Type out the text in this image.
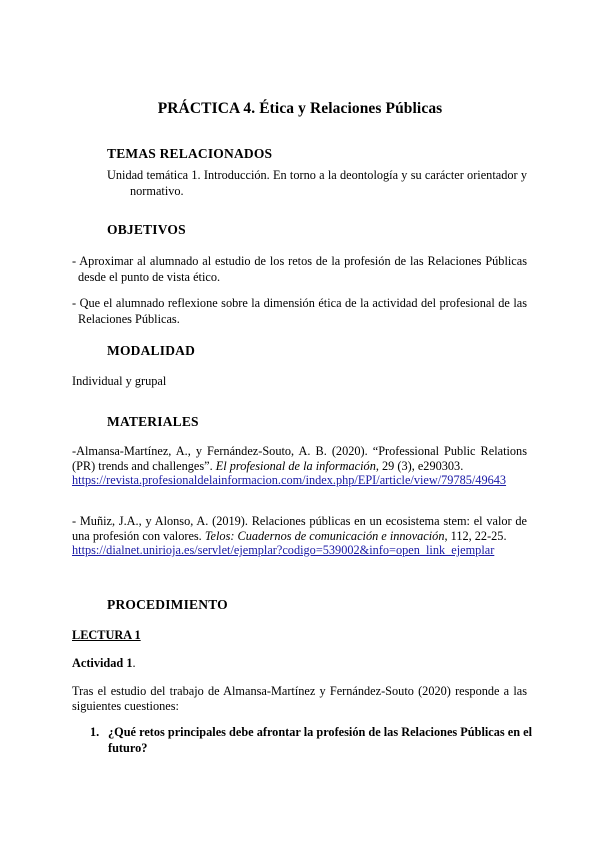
PRÁCTICA 4. Ética y Relaciones Públicas
TEMAS RELACIONADOS
Unidad temática 1. Introducción. En torno a la deontología y su carácter orientador y
normativo.
OBJETIVOS
- Aproximar al alumnado al estudio de los retos de la profesión de las Relaciones Públicas
desde el punto de vista ético.
- Que el alumnado reflexione sobre la dimensión ética de la actividad del profesional de las
Relaciones Públicas.
MODALIDAD
Individual y grupal
MATERIALES
-Almansa-Martínez, A., y Fernández-Souto, A. B. (2020). “Professional Public Relations
(PR) trends and challenges”. El profesional de la información, 29 (3), e290303.
https://revista.profesionaldelainformacion.com/index.php/EPI/article/view/79785/49643
- Muñiz, J.A., y Alonso, A. (2019). Relaciones públicas en un ecosistema stem: el valor de
una profesión con valores. Telos: Cuadernos de comunicación e innovación, 112, 22-25.
https://dialnet.unirioja.es/servlet/ejemplar?codigo=539002&info=open_link_ejemplar
PROCEDIMIENTO
LECTURA 1
Actividad 1.
Tras el estudio del trabajo de Almansa-Martínez y Fernández-Souto (2020) responde a las
siguientes cuestiones:
1. ¿Qué retos principales debe afrontar la profesión de las Relaciones Públicas en el
futuro?
